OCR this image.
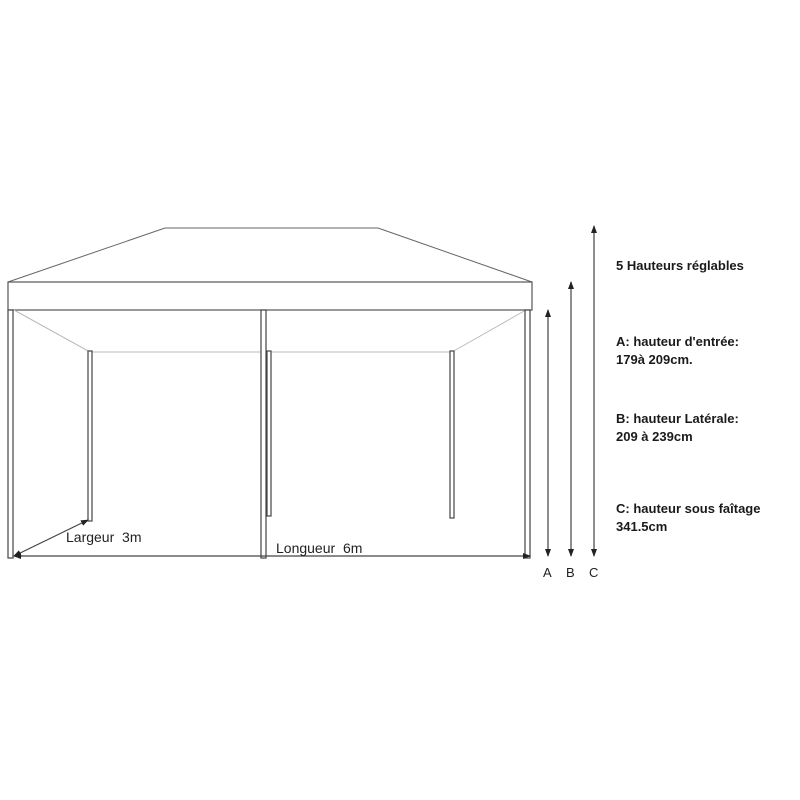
Largeur  3m
Longueur  6m
A B C
5 Hauteurs réglables
A: hauteur d'entrée:
179à 209cm.
B: hauteur Latérale:
209 à 239cm
C: hauteur sous faîtage
341.5cm
